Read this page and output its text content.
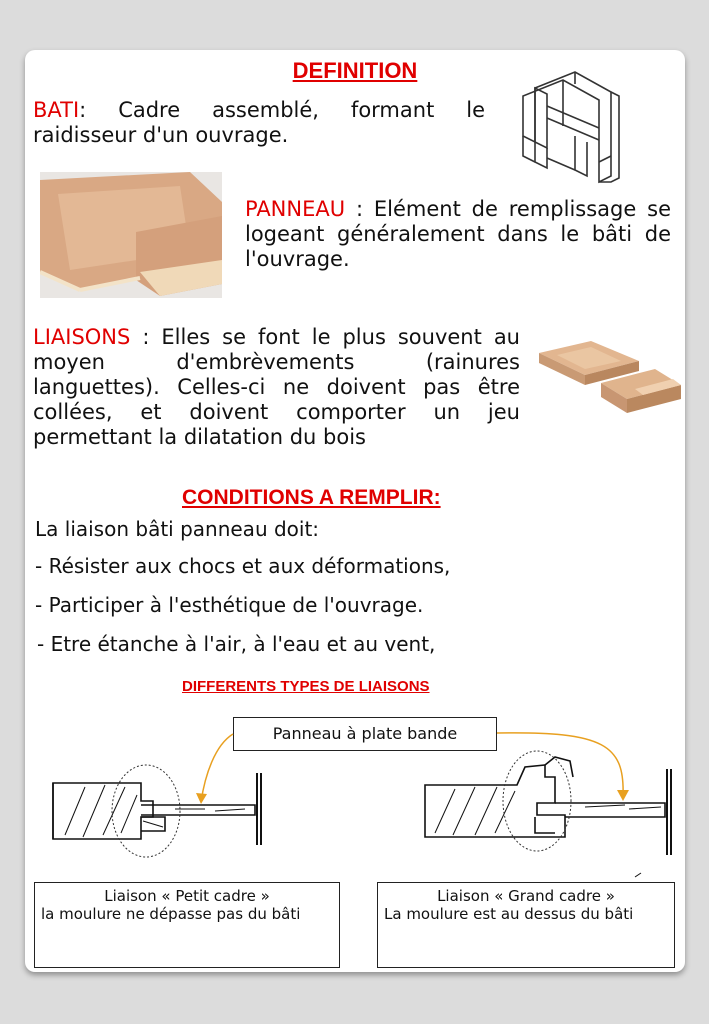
DEFINITION
BATI: Cadre assemblé, formant le raidisseur d'un ouvrage.
PANNEAU : Elément de remplissage se logeant généralement dans le bâti de l'ouvrage.
LIAISONS : Elles se font le plus souvent au moyen d'embrèvements (rainures languettes). Celles-ci ne doivent pas être collées, et doivent comporter un jeu permettant la dilatation du bois
CONDITIONS A REMPLIR:
La liaison bâti panneau doit:
- Résister aux chocs et aux déformations,
- Participer à l'esthétique de l'ouvrage.
- Etre étanche à l'air, à l'eau et au vent,
DIFFERENTS TYPES DE LIAISONS
Panneau à plate bande
Liaison « Petit cadre »
la moulure ne dépasse pas du bâti
Liaison « Grand cadre »
La moulure est au dessus du bâti
